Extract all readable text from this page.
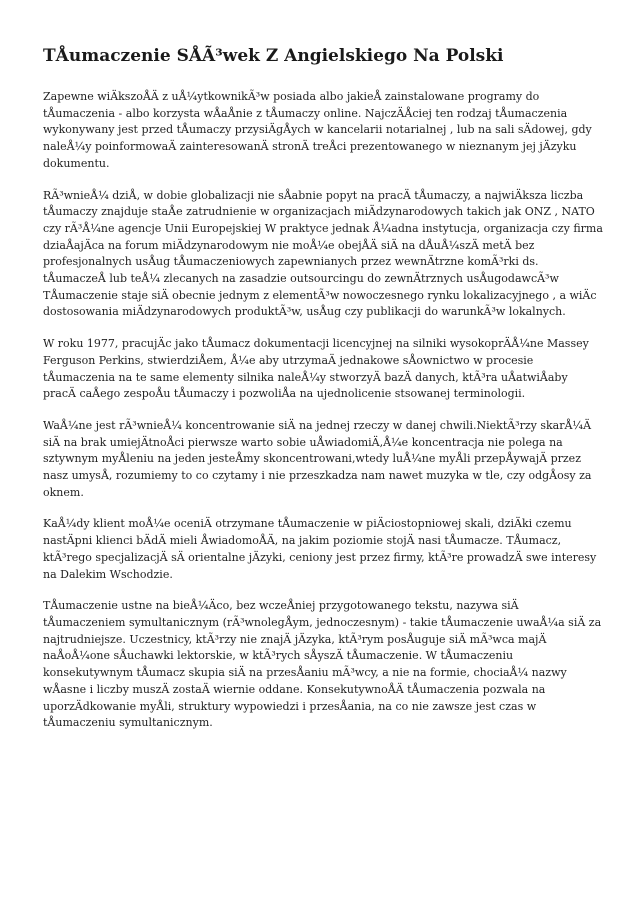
TÅumaczenie SÅÃ³wek Z Angielskiego Na Polski

Zapewne wiÄkszoÅÄ z uÅ¼ytkownikÃ³w posiada albo jakieÅ zainstalowane programy do tÅumaczenia - albo korzysta wÅaÅnie z tÅumaczy online. NajczÄÅciej ten rodzaj tÅumaczenia wykonywany jest przed tÅumaczy przysiÄgÅych w kancelarii notarialnej , lub na sali sÄdowej, gdy naleÅ¼y poinformowaÄ zainteresowanÄ stronÄ treÅci prezentowanego w nieznanym jej jÄzyku dokumentu.

RÃ³wnieÅ¼ dziÅ, w dobie globalizacji nie sÅabnie popyt na pracÄ tÅumaczy, a najwiÄksza liczba tÅumaczy znajduje staÅe zatrudnienie w organizacjach miÄdzynarodowych takich jak ONZ , NATO czy rÃ³Å¼ne agencje Unii Europejskiej W praktyce jednak Å¼adna instytucja, organizacja czy firma dziaÅajÄca na forum miÄdzynarodowym nie moÅ¼e obejÅÄ siÄ na dÅuÅ¼szÄ metÄ bez profesjonalnych usÅug tÅumaczeniowych zapewnianych przez wewnÄtrzne komÃ³rki ds. tÅumaczeÅ lub teÅ¼ zlecanych na zasadzie outsourcingu do zewnÄtrznych usÅugodawcÃ³w TÅumaczenie staje siÄ obecnie jednym z elementÃ³w nowoczesnego rynku lokalizacyjnego , a wiÄc dostosowania miÄdzynarodowych produktÃ³w, usÅug czy publikacji do warunkÃ³w lokalnych.

W roku 1977, pracujÄc jako tÅumacz dokumentacji licencyjnej na silniki wysokoprÄÅ¼ne Massey Ferguson Perkins, stwierdziÅem, Å¼e aby utrzymaÄ jednakowe sÅownictwo w procesie tÅumaczenia na te same elementy silnika naleÅ¼y stworzyÄ bazÄ danych, ktÃ³ra uÅatwiÅaby pracÄ caÅego zespoÅu tÅumaczy i pozwoliÅa na ujednolicenie stsowanej terminologii.

WaÅ¼ne jest rÃ³wnieÅ¼ koncentrowanie siÄ na jednej rzeczy w danej chwili.NiektÃ³rzy skarÅ¼Ä siÄ na brak umiejÄtnoÅci pierwsze warto sobie uÅwiadomiÄ,Å¼e koncentracja nie polega na sztywnym myÅleniu na jeden jesteÅmy skoncentrowani,wtedy luÅ¼ne myÅli przepÅywajÄ przez nasz umysÅ, rozumiemy to co czytamy i nie przeszkadza nam nawet muzyka w tle, czy odgÅosy za oknem.

KaÅ¼dy klient moÅ¼e oceniÄ otrzymane tÅumaczenie w piÄciostopniowej skali, dziÄki czemu nastÄpni klienci bÄdÄ mieli ÅwiadomoÅÄ, na jakim poziomie stojÄ nasi tÅumacze. TÅumacz, ktÃ³rego specjalizacjÄ sÄ orientalne jÄzyki, ceniony jest przez firmy, ktÃ³re prowadzÄ swe interesy na Dalekim Wschodzie.

TÅumaczenie ustne na bieÅ¼Äco, bez wczeÅniej przygotowanego tekstu, nazywa siÄ tÅumaczeniem symultanicznym (rÃ³wnolegÅym, jednoczesnym) - takie tÅumaczenie uwaÅ¼a siÄ za najtrudniejsze. Uczestnicy, ktÃ³rzy nie znajÄ jÄzyka, ktÃ³rym posÅuguje siÄ mÃ³wca majÄ naÅoÅ¼one sÅuchawki lektorskie, w ktÃ³rych sÅyszÄ tÅumaczenie. W tÅumaczeniu konsekutywnym tÅumacz skupia siÄ na przesÅaniu mÃ³wcy, a nie na formie, chociaÅ¼ nazwy wÅasne i liczby muszÄ zostaÄ wiernie oddane. KonsekutywnoÅÄ tÅumaczenia pozwala na uporzÄdkowanie myÅli, struktury wypowiedzi i przesÅania, na co nie zawsze jest czas w tÅumaczeniu symultanicznym.
